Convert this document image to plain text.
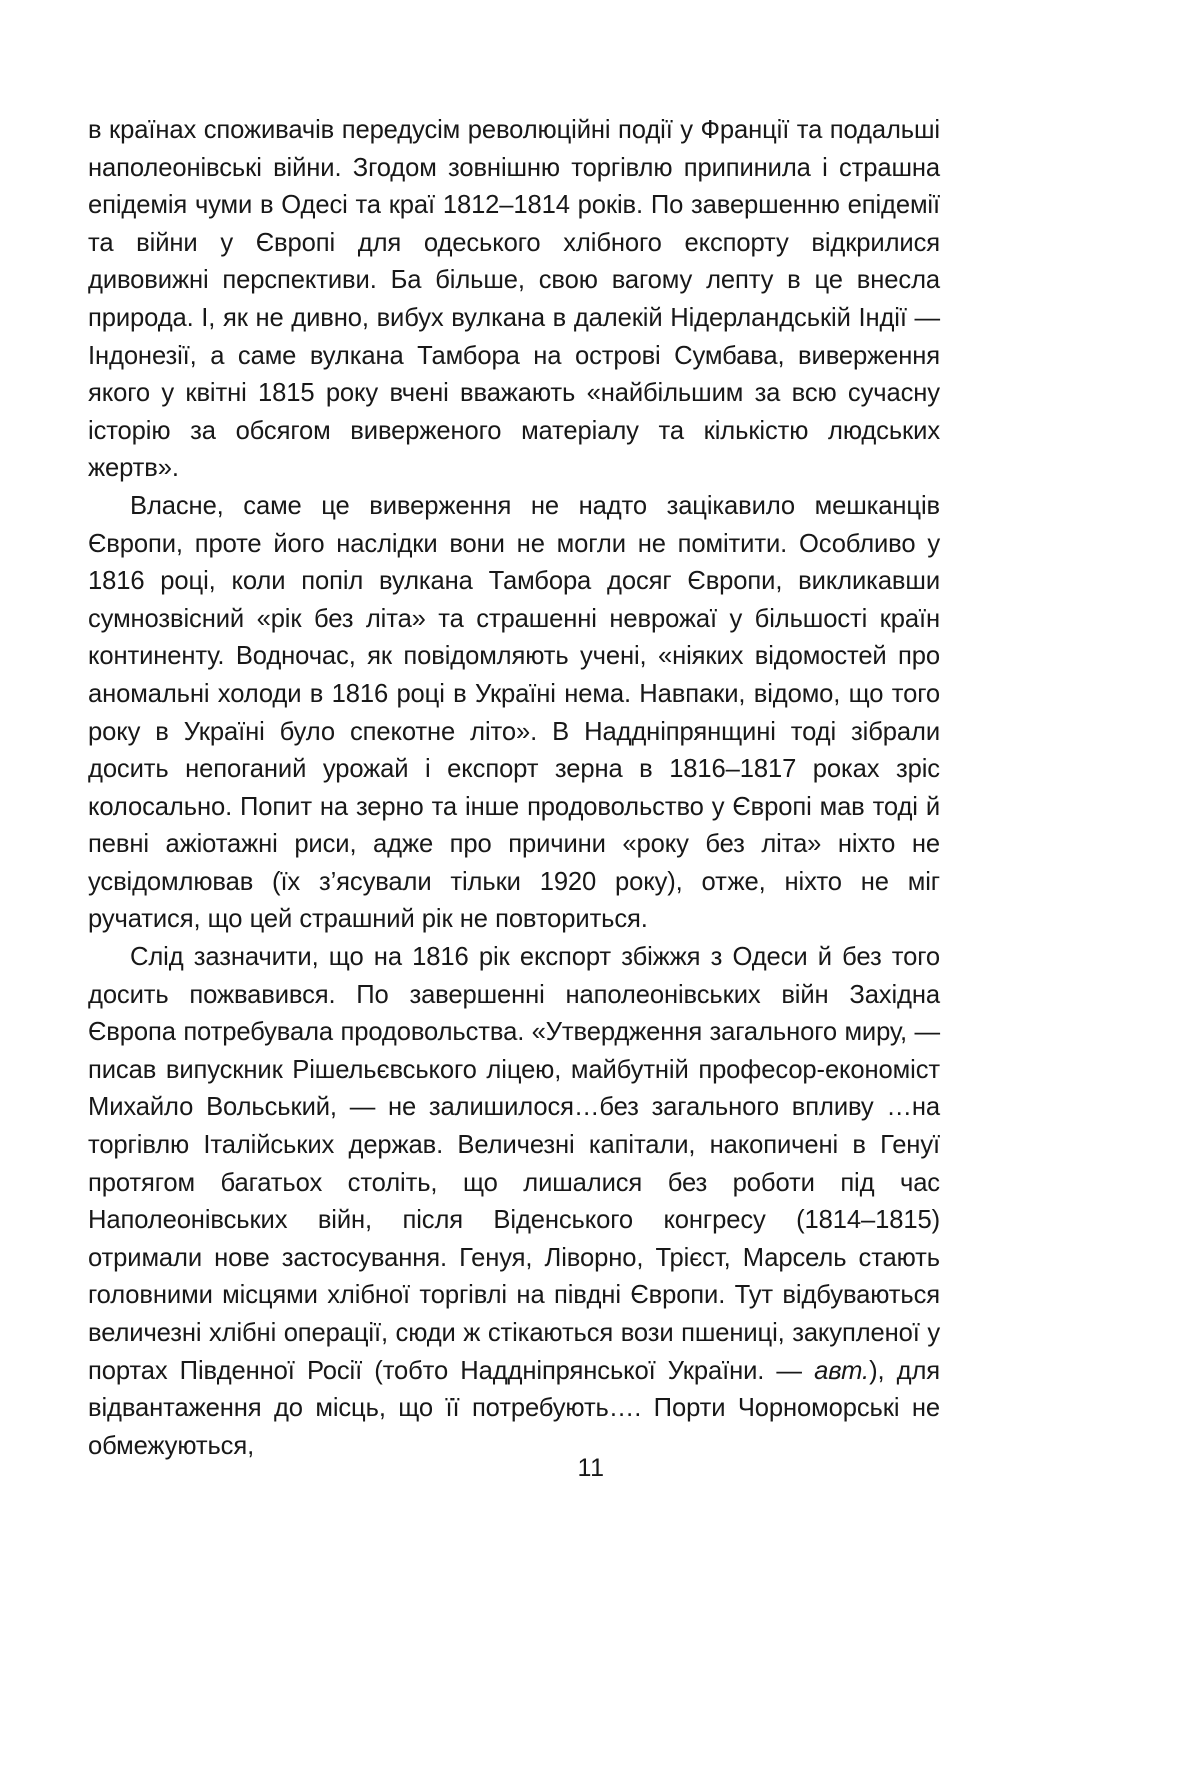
в країнах споживачів передусім революційні події у Франції та подальші наполеонівські війни. Згодом зовнішню торгівлю припинила і страшна епідемія чуми в Одесі та краї 1812–1814 років. По завершенню епідемії та війни у Європі для одеського хлібного експорту відкрилися дивовижні перспективи. Ба більше, свою вагому лепту в це внесла природа. І, як не дивно, вибух вулкана в далекій Нідерландській Індії — Індонезії, а саме вулкана Тамбора на острові Сумбава, виверження якого у квітні 1815 року вчені вважають «найбільшим за всю сучасну історію за обсягом виверженого матеріалу та кількістю людських жертв».

Власне, саме це виверження не надто зацікавило мешканців Європи, проте його наслідки вони не могли не помітити. Особливо у 1816 році, коли попіл вулкана Тамбора досяг Європи, викликавши сумнозвісний «рік без літа» та страшенні неврожаї у більшості країн континенту. Водночас, як повідомляють учені, «ніяких відомостей про аномальні холоди в 1816 році в Україні нема. Навпаки, відомо, що того року в Україні було спекотне літо». В Наддніпрянщині тоді зібрали досить непоганий урожай і експорт зерна в 1816–1817 роках зріс колосально. Попит на зерно та інше продовольство у Європі мав тоді й певні ажіотажні риси, адже про причини «року без літа» ніхто не усвідомлював (їх з’ясували тільки 1920 року), отже, ніхто не міг ручатися, що цей страшний рік не повториться.

Слід зазначити, що на 1816 рік експорт збіжжя з Одеси й без того досить пожвавився. По завершенні наполеонівських війн Західна Європа потребувала продовольства. «Утвердження загального миру, — писав випускник Рішельєвського ліцею, майбутній професор-економіст Михайло Вольський, — не залишилося…без загального впливу …на торгівлю Італійських держав. Величезні капітали, накопичені в Генуї протягом багатьох століть, що лишалися без роботи під час Наполеонівських війн, після Віденського конгресу (1814–1815) отримали нове застосування. Генуя, Ліворно, Трієст, Марсель стають головними місцями хлібної торгівлі на півдні Європи. Тут відбуваються величезні хлібні операції, сюди ж стікаються вози пшениці, закупленої у портах Південної Росії (тобто Наддніпрянської України. — авт.), для відвантаження до місць, що її потребують…. Порти Чорноморські не обмежуються,

11
